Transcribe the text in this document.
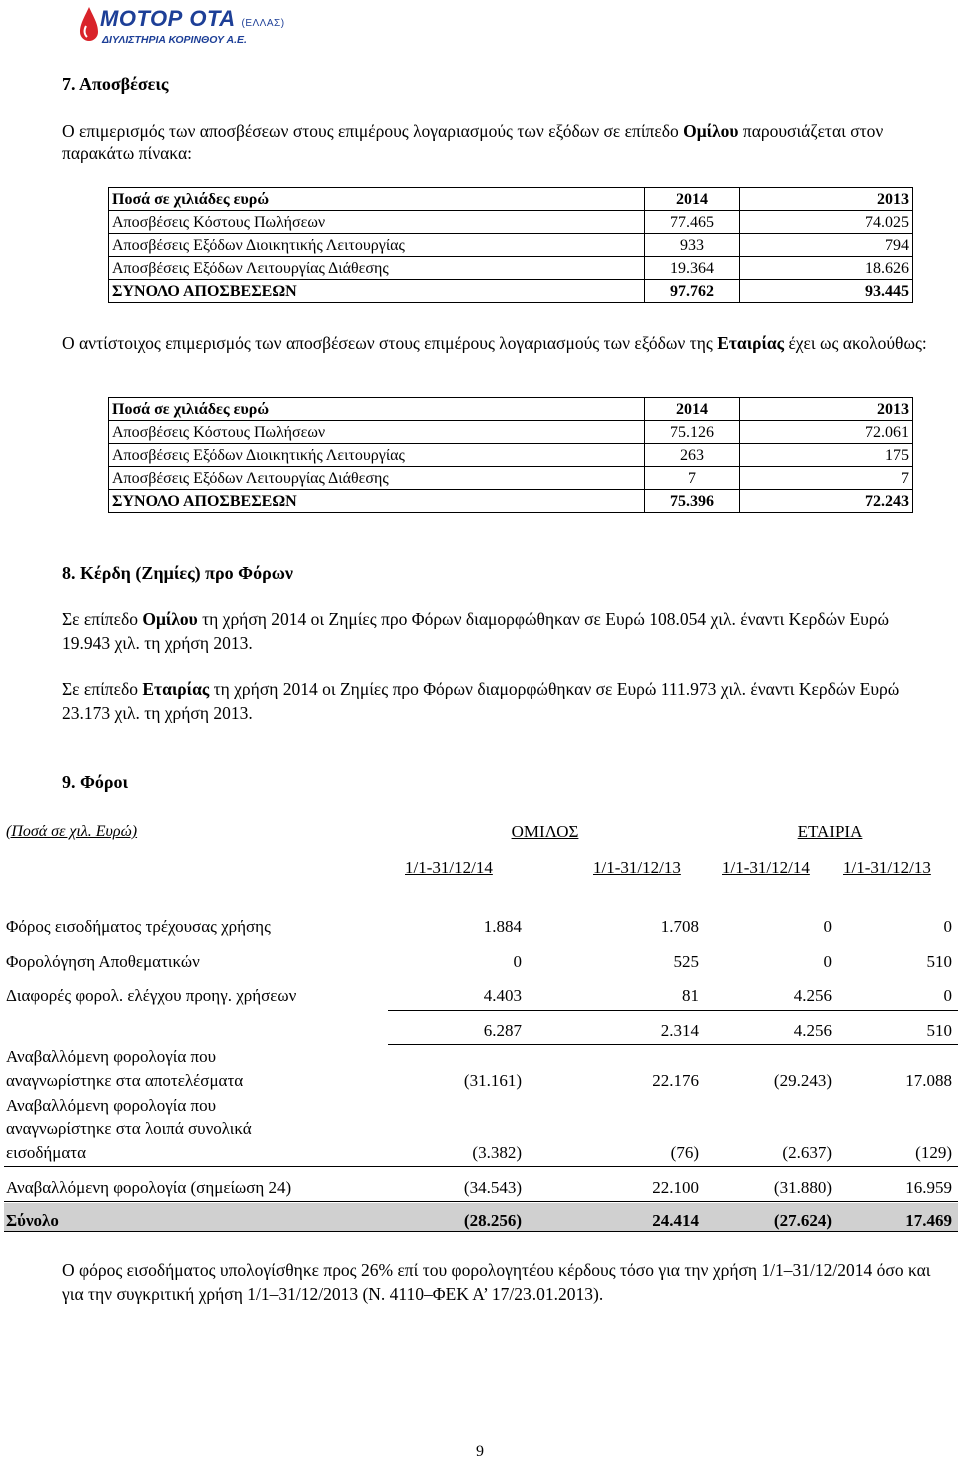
ΜΟΤΟΡ ΟΤΑ (ΕΛΛΑΣ)
ΔΙΥΛΙΣΤΗΡΙΑ ΚΟΡΙΝΘΟΥ Α.Ε.
7. Αποσβέσεις
Ο επιμερισμός των αποσβέσεων στους επιμέρους λογαριασμούς των εξόδων σε επίπεδο Ομίλου παρουσιάζεται στον παρακάτω πίνακα:
Ποσά σε χιλιάδες ευρώ	2014	2013
Αποσβέσεις Κόστους Πωλήσεων	77.465	74.025
Αποσβέσεις Εξόδων Διοικητικής Λειτουργίας	933	794
Αποσβέσεις Εξόδων Λειτουργίας Διάθεσης	19.364	18.626
ΣΥΝΟΛΟ ΑΠΟΣΒΕΣΕΩΝ	97.762	93.445
Ο αντίστοιχος επιμερισμός των αποσβέσεων στους επιμέρους λογαριασμούς των εξόδων της Εταιρίας έχει ως ακολούθως:
Ποσά σε χιλιάδες ευρώ	2014	2013
Αποσβέσεις Κόστους Πωλήσεων	75.126	72.061
Αποσβέσεις Εξόδων Διοικητικής Λειτουργίας	263	175
Αποσβέσεις Εξόδων Λειτουργίας Διάθεσης	7	7
ΣΥΝΟΛΟ ΑΠΟΣΒΕΣΕΩΝ	75.396	72.243
8. Κέρδη (Ζημίες) προ Φόρων
Σε επίπεδο Ομίλου τη χρήση 2014 οι Ζημίες προ Φόρων διαμορφώθηκαν σε Ευρώ 108.054 χιλ. έναντι Κερδών Ευρώ 19.943 χιλ. τη χρήση 2013.
Σε επίπεδο Εταιρίας τη χρήση 2014 οι Ζημίες προ Φόρων διαμορφώθηκαν σε Ευρώ 111.973 χιλ. έναντι Κερδών Ευρώ 23.173 χιλ. τη χρήση 2013.
9. Φόροι
(Ποσά σε χιλ. Ευρώ)	ΟΜΙΛΟΣ	ΕΤΑΙΡΙΑ
1/1-31/12/14	1/1-31/12/13 1/1-31/12/14 1/1-31/12/13
Φόρος εισοδήματος τρέχουσας χρήσης	1.884	1.708	0	0
Φορολόγηση Αποθεματικών	0	525	0	510
Διαφορές φορολ. ελέγχου προηγ. χρήσεων	4.403	81	4.256	0
6.287	2.314	4.256	510
Αναβαλλόμενη φορολογία που
αναγνωρίστηκε στα αποτελέσματα	(31.161)	22.176	(29.243)	17.088
Αναβαλλόμενη φορολογία που
αναγνωρίστηκε στα λοιπά συνολικά
εισοδήματα	(3.382)	(76)	(2.637)	(129)
Αναβαλλόμενη φορολογία (σημείωση 24)	(34.543)	22.100	(31.880)	16.959
Σύνολο	(28.256)	24.414	(27.624)	17.469
Ο φόρος εισοδήματος υπολογίσθηκε προς 26% επί του φορολογητέου κέρδους τόσο για την χρήση 1/1–31/12/2014 όσο και για την συγκριτική χρήση 1/1–31/12/2013 (Ν. 4110–ΦΕΚ Α’ 17/23.01.2013).
9
